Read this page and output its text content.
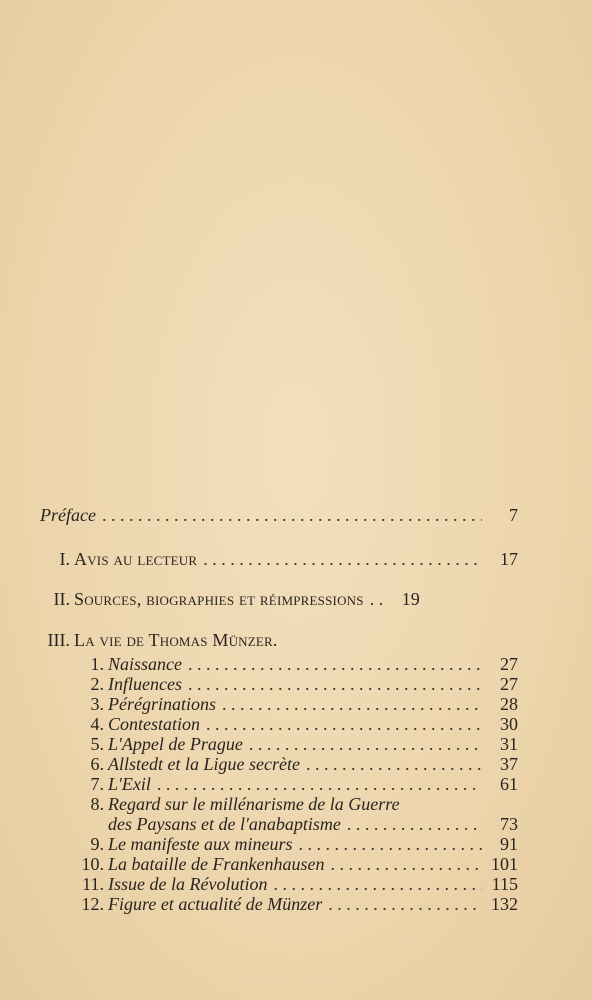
Préface . . .	7
I. Avis au lecteur . . .	17
II. Sources, biographies et réimpressions . . .	19
III. La vie de Thomas Münzer.
1. Naissance . . .	27
2. Influences . . .	27
3. Pérégrinations . . .	28
4. Contestation . . .	30
5. L'Appel de Prague . . .	31
6. Allstedt et la Ligue secrète . . .	37
7. L'Exil . . .	61
8. Regard sur le millénarisme de la Guerre
des Paysans et de l'anabaptisme . . .	73
9. Le manifeste aux mineurs . . .	91
10. La bataille de Frankenhausen . . .	101
11. Issue de la Révolution . . .	115
12. Figure et actualité de Münzer . . .	132
